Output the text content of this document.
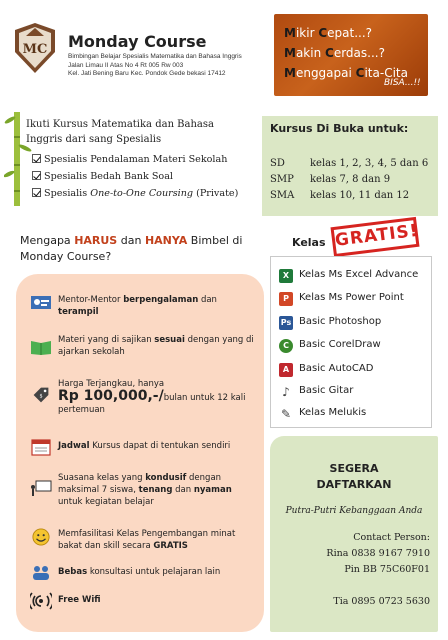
MC Monday Course
Bimbingan Belajar Spesialis Matematika dan Bahasa Inggris
Jalan Limau II Atas No 4 Rt 005 Rw 003
Kel. Jati Bening Baru Kec. Pondok Gede bekasi 17412
Mikir Cepat...?
Makin Cerdas...?
Menggapai Cita-Cita
BISA...!!
Ikuti Kursus Matematika dan Bahasa
Inggris dari sang Spesialis
Spesialis Pendalaman Materi Sekolah
Spesialis Bedah Bank Soal
Spesialis One-to-One Coursing (Private)
Kursus Di Buka untuk:
SD	kelas 1, 2, 3, 4, 5 dan 6
SMP kelas 7, 8 dan 9
SMA kelas 10, 11 dan 12
Mengapa HARUS dan HANYA Bimbel di
Monday Course?
Mentor-Mentor berpengalaman dan terampil
Materi yang di sajikan sesuai dengan yang di ajarkan sekolah
$
Harga Terjangkau, hanya
Rp 100,000,-/bulan untuk 12 kali pertemuan
Jadwal Kursus dapat di tentukan sendiri
Suasana kelas yang kondusif dengan maksimal 7 siswa, tenang dan nyaman untuk kegiatan belajar
Memfasilitasi Kelas Pengembangan minat bakat dan skill secara GRATIS
Bebas konsultasi untuk pelajaran lain
Free Wifi
Kelas GRATIS!
X Kelas Ms Excel Advance
P	Kelas Ms Power Point
Ps Basic Photoshop
C	Basic CorelDraw
A Basic AutoCAD
♪ Basic Gitar
✎ Kelas Melukis
SEGERA
DAFTARKAN
Putra-Putri Kebanggaan Anda
Contact Person:
Rina 0838 9167 7910
Pin BB 75C60F01
Tia 0895 0723 5630
